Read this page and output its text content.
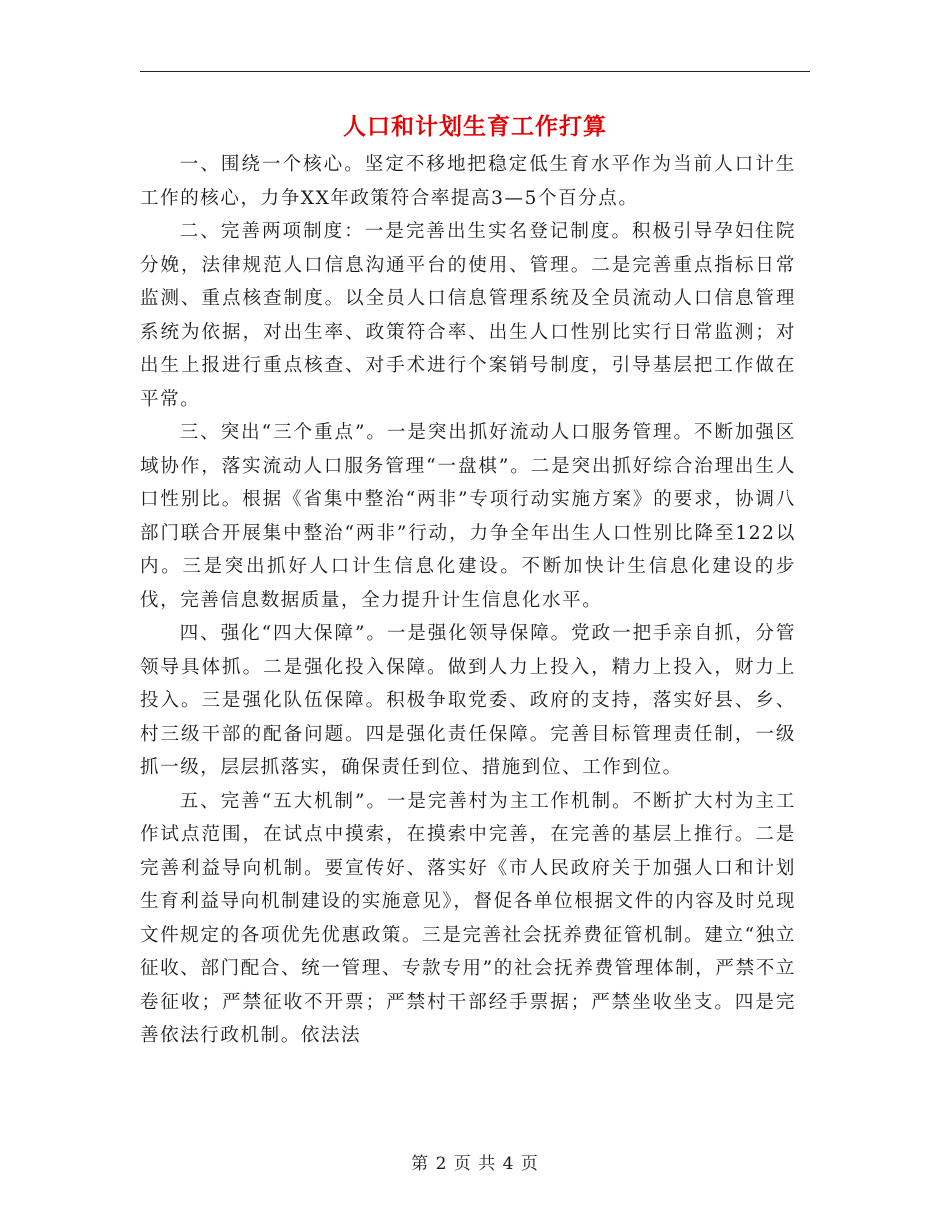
人口和计划生育工作打算

一、围绕一个核心。坚定不移地把稳定低生育水平作为当前人口计生工作的核心，力争XX年政策符合率提高3—5个百分点。

二、完善两项制度：一是完善出生实名登记制度。积极引导孕妇住院分娩，法律规范人口信息沟通平台的使用、管理。二是完善重点指标日常监测、重点核查制度。以全员人口信息管理系统及全员流动人口信息管理系统为依据，对出生率、政策符合率、出生人口性别比实行日常监测；对出生上报进行重点核查、对手术进行个案销号制度，引导基层把工作做在平常。

三、突出“三个重点”。一是突出抓好流动人口服务管理。不断加强区域协作，落实流动人口服务管理“一盘棋”。二是突出抓好综合治理出生人口性别比。根据《省集中整治“两非”专项行动实施方案》的要求，协调八部门联合开展集中整治“两非”行动，力争全年出生人口性别比降至122以内。三是突出抓好人口计生信息化建设。不断加快计生信息化建设的步伐，完善信息数据质量，全力提升计生信息化水平。

四、强化“四大保障”。一是强化领导保障。党政一把手亲自抓，分管领导具体抓。二是强化投入保障。做到人力上投入，精力上投入，财力上投入。三是强化队伍保障。积极争取党委、政府的支持，落实好县、乡、村三级干部的配备问题。四是强化责任保障。完善目标管理责任制，一级抓一级，层层抓落实，确保责任到位、措施到位、工作到位。

五、完善“五大机制”。一是完善村为主工作机制。不断扩大村为主工作试点范围，在试点中摸索，在摸索中完善，在完善的基层上推行。二是完善利益导向机制。要宣传好、落实好《市人民政府关于加强人口和计划生育利益导向机制建设的实施意见》，督促各单位根据文件的内容及时兑现文件规定的各项优先优惠政策。三是完善社会抚养费征管机制。建立“独立征收、部门配合、统一管理、专款专用”的社会抚养费管理体制，严禁不立卷征收；严禁征收不开票；严禁村干部经手票据；严禁坐收坐支。四是完善依法行政机制。依法法

第 2 页 共 4 页
